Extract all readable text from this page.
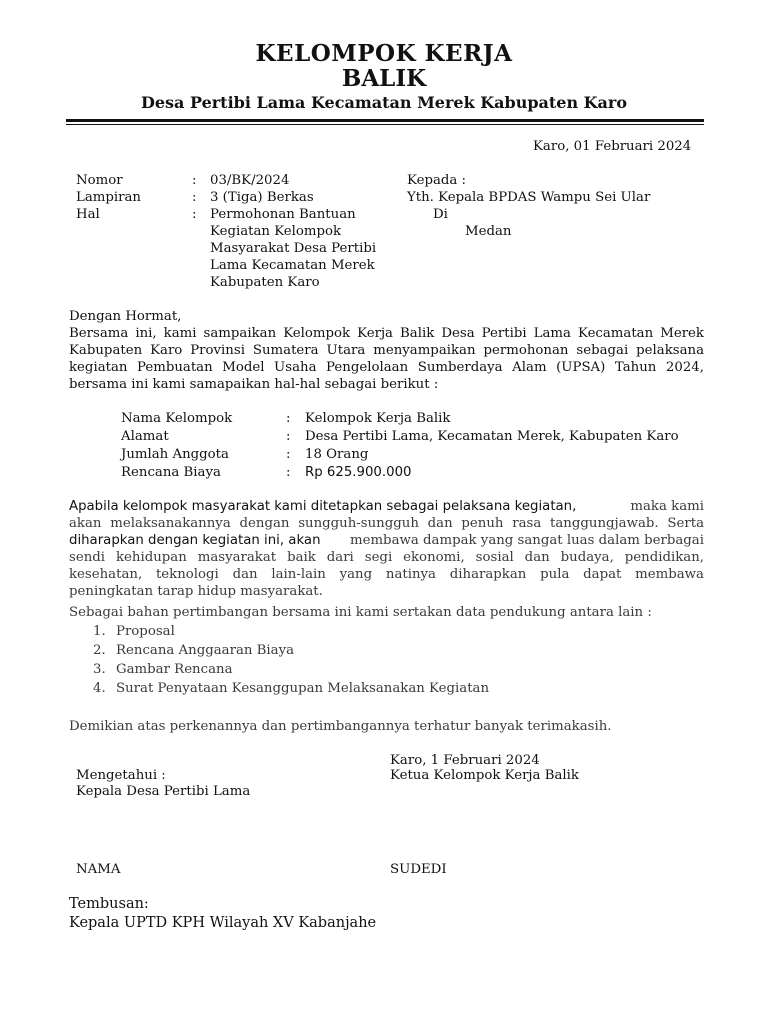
KELOMPOK KERJA
BALIK
Desa Pertibi Lama Kecamatan Merek Kabupaten Karo
Karo, 01 Februari 2024
Nomor	: 03/BK/2024
Lampiran	: 3 (Tiga) Berkas
Hal	: Permohonan Bantuan
Kegiatan Kelompok
Masyarakat Desa Pertibi
Lama Kecamatan Merek
Kabupaten Karo
Kepada :
Yth. Kepala BPDAS Wampu Sei Ular
Di
Medan
Dengan Hormat,
Bersama ini, kami sampaikan Kelompok Kerja Balik Desa Pertibi Lama Kecamatan Merek
Kabupaten Karo Provinsi Sumatera Utara menyampaikan permohonan sebagai pelaksana
kegiatan Pembuatan Model Usaha Pengelolaan Sumberdaya Alam (UPSA) Tahun 2024,
bersama ini kami samapaikan hal-hal sebagai berikut :
Nama Kelompok	: Kelompok Kerja Balik
Alamat	: Desa Pertibi Lama, Kecamatan Merek, Kabupaten Karo
Jumlah Anggota	: 18 Orang
Rencana Biaya	: Rp 625.900.000
Apabila kelompok masyarakat kami ditetapkan sebagai pelaksana kegiatan,	maka kami
akan melaksanakannya dengan sungguh-sungguh dan penuh rasa tanggungjawab. Serta
diharapkan dengan kegiatan ini, akan membawa dampak yang sangat luas dalam berbagai
sendi kehidupan masyarakat baik dari segi ekonomi, sosial dan budaya, pendidikan,
kesehatan, teknologi dan lain-lain yang natinya diharapkan pula dapat membawa
peningkatan tarap hidup masyarakat.
Sebagai bahan pertimbangan bersama ini kami sertakan data pendukung antara lain :
1. Proposal
2. Rencana Anggaaran Biaya
3. Gambar Rencana
4. Surat Penyataan Kesanggupan Melaksanakan Kegiatan
Demikian atas perkenannya dan pertimbangannya terhatur banyak terimakasih.
Karo, 1 Februari 2024
Ketua Kelompok Kerja Balik
Mengetahui :
Kepala Desa Pertibi Lama
NAMA	SUDEDI
Tembusan:
Kepala UPTD KPH Wilayah XV Kabanjahe
